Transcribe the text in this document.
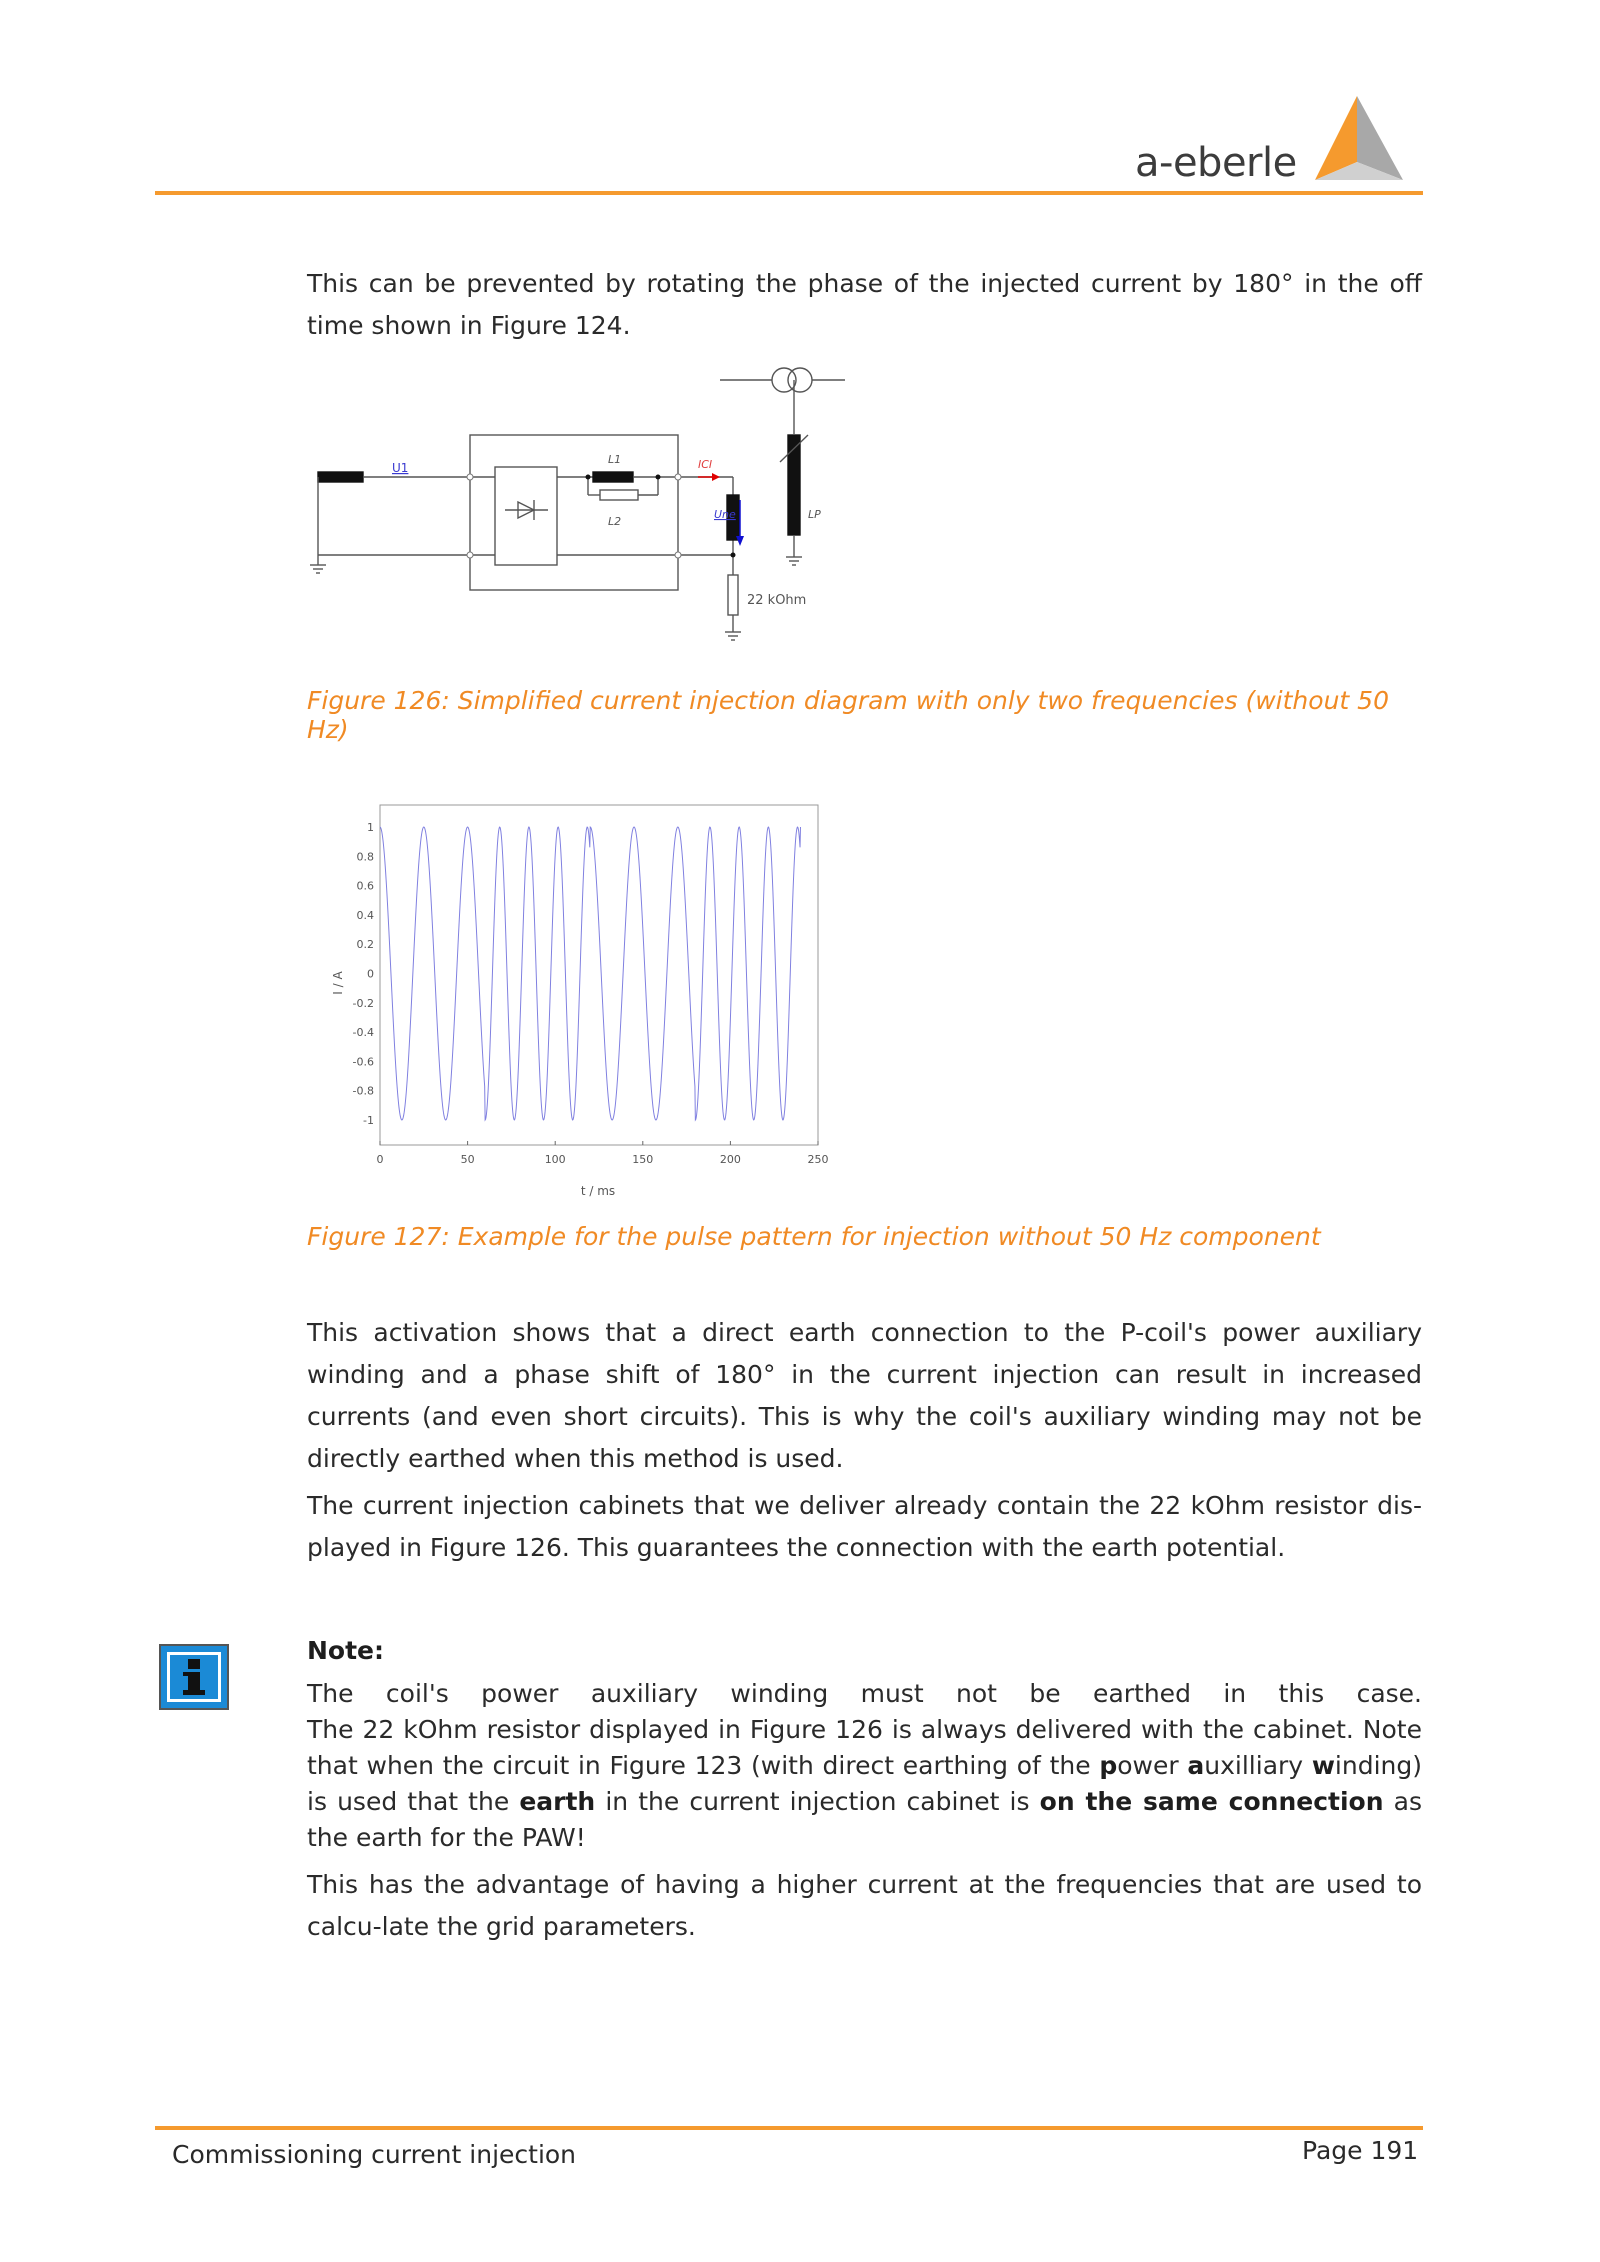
a-eberle
This can be prevented by rotating the phase of the injected current by 180° in the off time shown in Figure 124.
U1
L1
L2
ICI
Une	LP
22 kOhm
Figure 126: Simplified current injection diagram with only two frequencies (without 50 Hz)
1
0.8
0.6
0.4
0.2
0
-0.2
-0.4
-0.6
-0.8
-1
0	50	100	150	200	250
t / ms
I / A
Figure 127: Example for the pulse pattern for injection without 50 Hz component
This activation shows that a direct earth connection to the P-coil's power auxiliary winding and a phase shift of 180° in the current injection can result in increased currents (and even short circuits). This is why the coil's auxiliary winding may not be directly earthed when this method is used.
The current injection cabinets that we deliver already contain the 22 kOhm resistor dis-played in Figure 126. This guarantees the connection with the earth potential.
Note:
The coil's power auxiliary winding must not be earthed in this case.
The 22 kOhm resistor displayed in Figure 126 is always delivered with the cabinet. Note that when the circuit in Figure 123 (with direct earthing of the power auxilliary winding) is used that the earth in the current injection cabinet is on the same connection as the earth for the PAW!
This has the advantage of having a higher current at the frequencies that are used to calcu-late the grid parameters.
Commissioning current injection	Page 191
